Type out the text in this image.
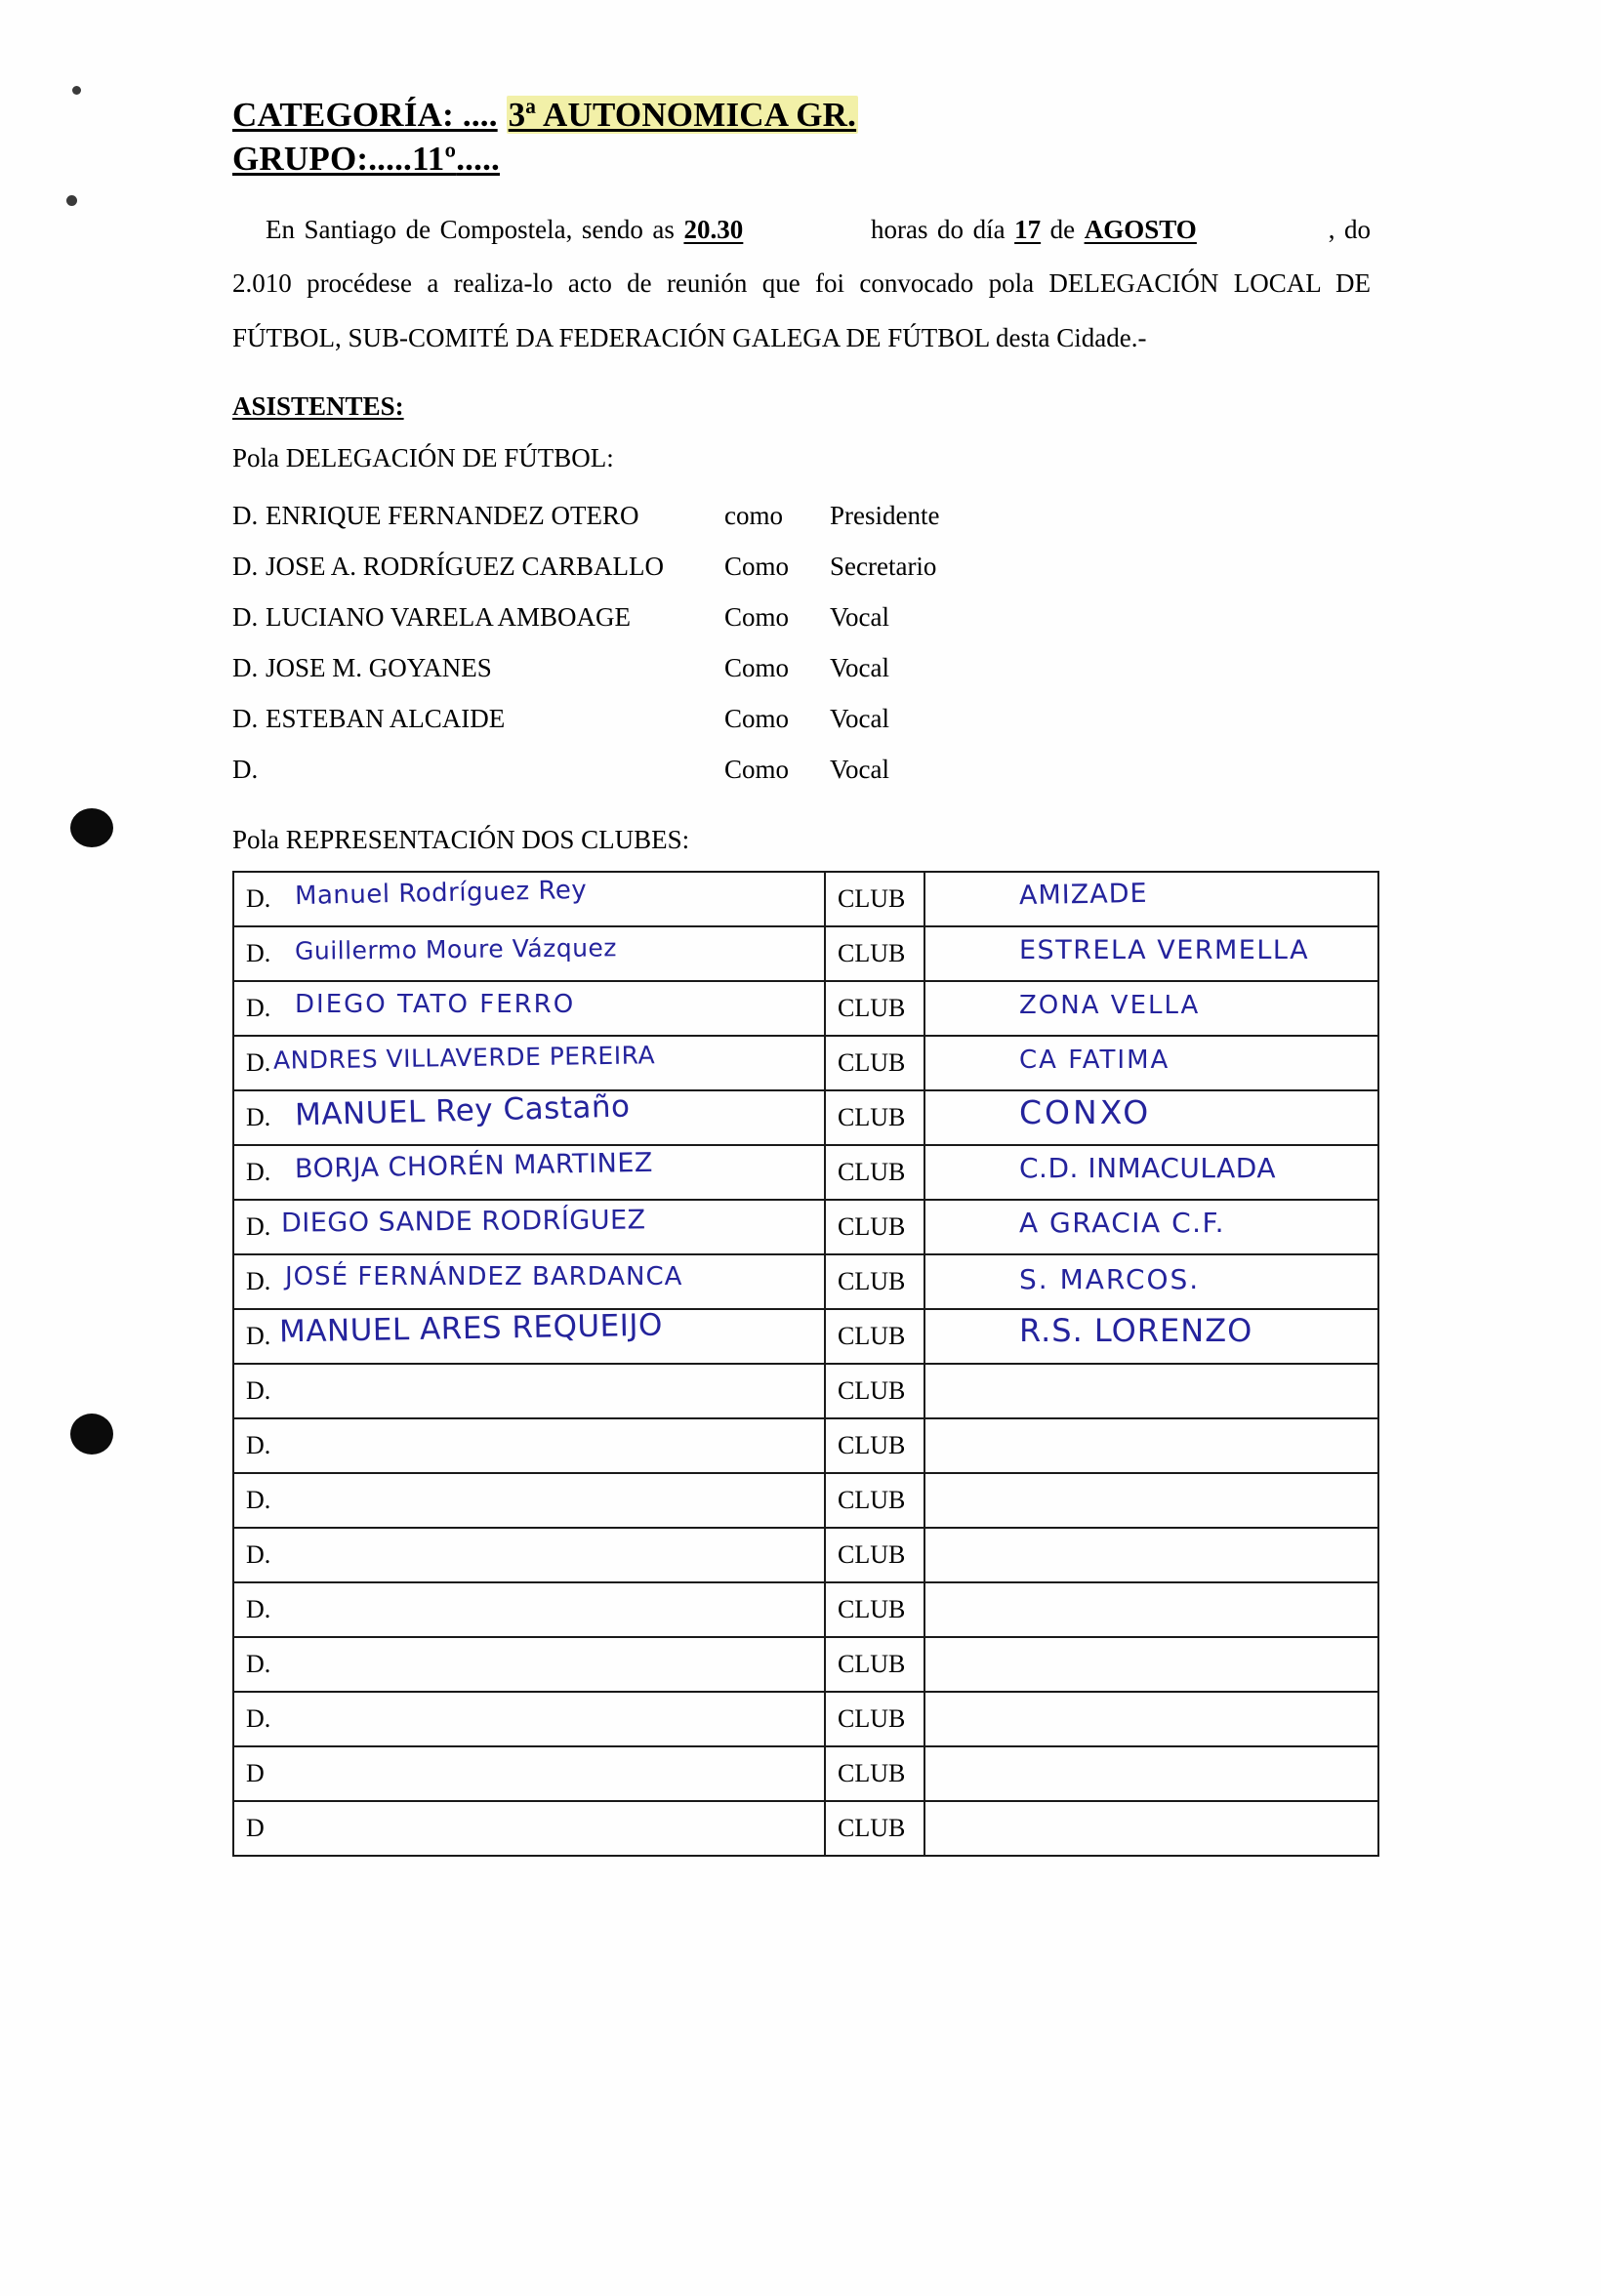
CATEGORÍA: .... 3ª AUTONOMICA GR.
GRUPO:.....11º.....
En Santiago de Compostela, sendo as 20.30	horas do día 17 de AGOSTO	, do 2.010 procédese a realiza-lo acto de reunión que foi convocado pola DELEGACIÓN LOCAL DE FÚTBOL, SUB-COMITÉ DA FEDERACIÓN GALEGA DE FÚTBOL desta Cidade.-
ASISTENTES:
Pola DELEGACIÓN DE FÚTBOL:
D.	ENRIQUE FERNANDEZ OTERO	como	Presidente
D.	JOSE A. RODRÍGUEZ CARBALLO	Como	Secretario
D.	LUCIANO VARELA AMBOAGE	Como	Vocal
D.	JOSE M. GOYANES	Como	Vocal
D.	ESTEBAN ALCAIDE	Como	Vocal
D.		Como	Vocal
Pola REPRESENTACIÓN DOS CLUBES:
D. Manuel Rodríguez Rey	CLUB	AMIZADE

D. Guillermo Moure Vázquez	CLUB	ESTRELA VERMELLA

D. DIEGO TATO FERRO	CLUB	ZONA VELLA

D. ANDRES VILLAVERDE PEREIRA	CLUB	CA FATIMA

D. MANUEL Rey Castaño	CLUB	CONXO

D. BORJA CHORÉN MARTINEZ	CLUB	C.D. INMACULADA

D. DIEGO SANDE RODRÍGUEZ	CLUB	A GRACIA C.F.

D. JOSÉ FERNÁNDEZ BARDANCA	CLUB	S. MARCOS.

D. MANUEL ARES REQUEIJO	CLUB	R.S. LORENZO

D.	CLUB	
D.	CLUB	
D.	CLUB	
D.	CLUB	
D.	CLUB	
D.	CLUB	
D.	CLUB	
D	CLUB	
D	CLUB	
